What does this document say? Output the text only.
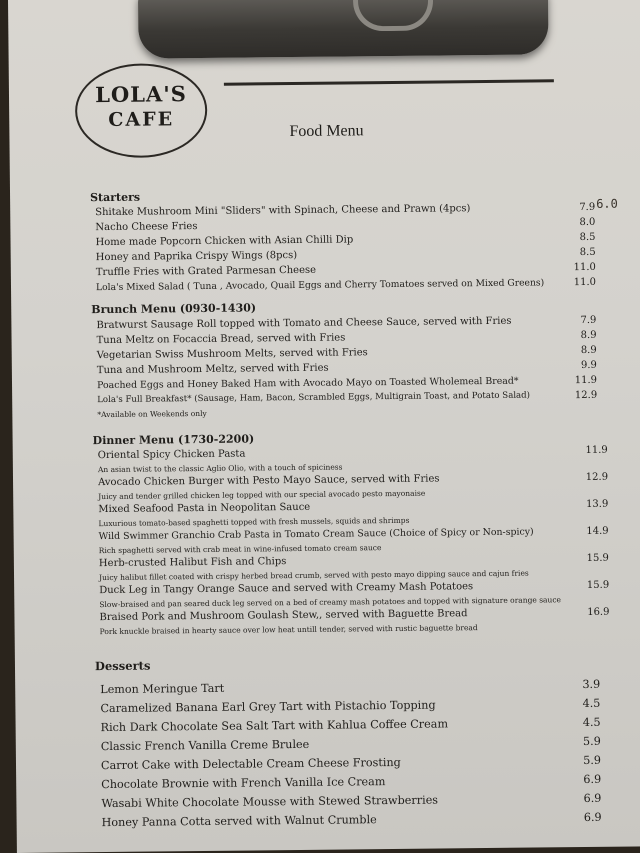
LOLA'S
CAFE
Food Menu
Starters	6.0
Shitake Mushroom Mini "Sliders" with Spinach, Cheese and Prawn (4pcs)	7.9
Nacho Cheese Fries	8.0
Home made Popcorn Chicken with Asian Chilli Dip	8.5
Honey and Paprika Crispy Wings (8pcs)	8.5
Truffle Fries with Grated Parmesan Cheese	11.0
Lola's Mixed Salad ( Tuna , Avocado, Quail Eggs and Cherry Tomatoes served on Mixed Greens)	11.0
Brunch Menu (0930-1430)
Bratwurst Sausage Roll topped with Tomato and Cheese Sauce, served with Fries	7.9
Tuna Meltz on Focaccia Bread, served with Fries	8.9
Vegetarian Swiss Mushroom Melts, served with Fries	8.9
Tuna and Mushroom Meltz, served with Fries	9.9
Poached Eggs and Honey Baked Ham with Avocado Mayo on Toasted Wholemeal Bread*	11.9
Lola's Full Breakfast* (Sausage, Ham, Bacon, Scrambled Eggs, Multigrain Toast, and Potato Salad)	12.9
*Available on Weekends only
Dinner Menu (1730-2200)
Oriental Spicy Chicken Pasta	11.9
An asian twist to the classic Aglio Olio, with a touch of spiciness
Avocado Chicken Burger with Pesto Mayo Sauce, served with Fries	12.9
Juicy and tender grilled chicken leg topped with our special avocado pesto mayonaise
Mixed Seafood Pasta in Neopolitan Sauce	13.9
Luxurious tomato-based spaghetti topped with fresh mussels, squids and shrimps
Wild Swimmer Granchio Crab Pasta in Tomato Cream Sauce (Choice of Spicy or Non-spicy)	14.9
Rich spaghetti served with crab meat in wine-infused tomato cream sauce
Herb-crusted Halibut Fish and Chips	15.9
Juicy halibut fillet coated with crispy herbed bread crumb, served with pesto mayo dipping sauce and cajun fries
Duck Leg in Tangy Orange Sauce and served with Creamy Mash Potatoes	15.9
Slow-braised and pan seared duck leg served on a bed of creamy mash potatoes and topped with signature orange sauce
Braised Pork and Mushroom Goulash Stew,, served with Baguette Bread	16.9
Pork knuckle braised in hearty sauce over low heat untill tender, served with rustic baguette bread
Desserts
Lemon Meringue Tart	3.9
Caramelized Banana Earl Grey Tart with Pistachio Topping	4.5
Rich Dark Chocolate Sea Salt Tart with Kahlua Coffee Cream	4.5
Classic French Vanilla Creme Brulee	5.9
Carrot Cake with Delectable Cream Cheese Frosting	5.9
Chocolate Brownie with French Vanilla Ice Cream	6.9
Wasabi White Chocolate Mousse with Stewed Strawberries	6.9
Honey Panna Cotta served with Walnut Crumble	6.9
